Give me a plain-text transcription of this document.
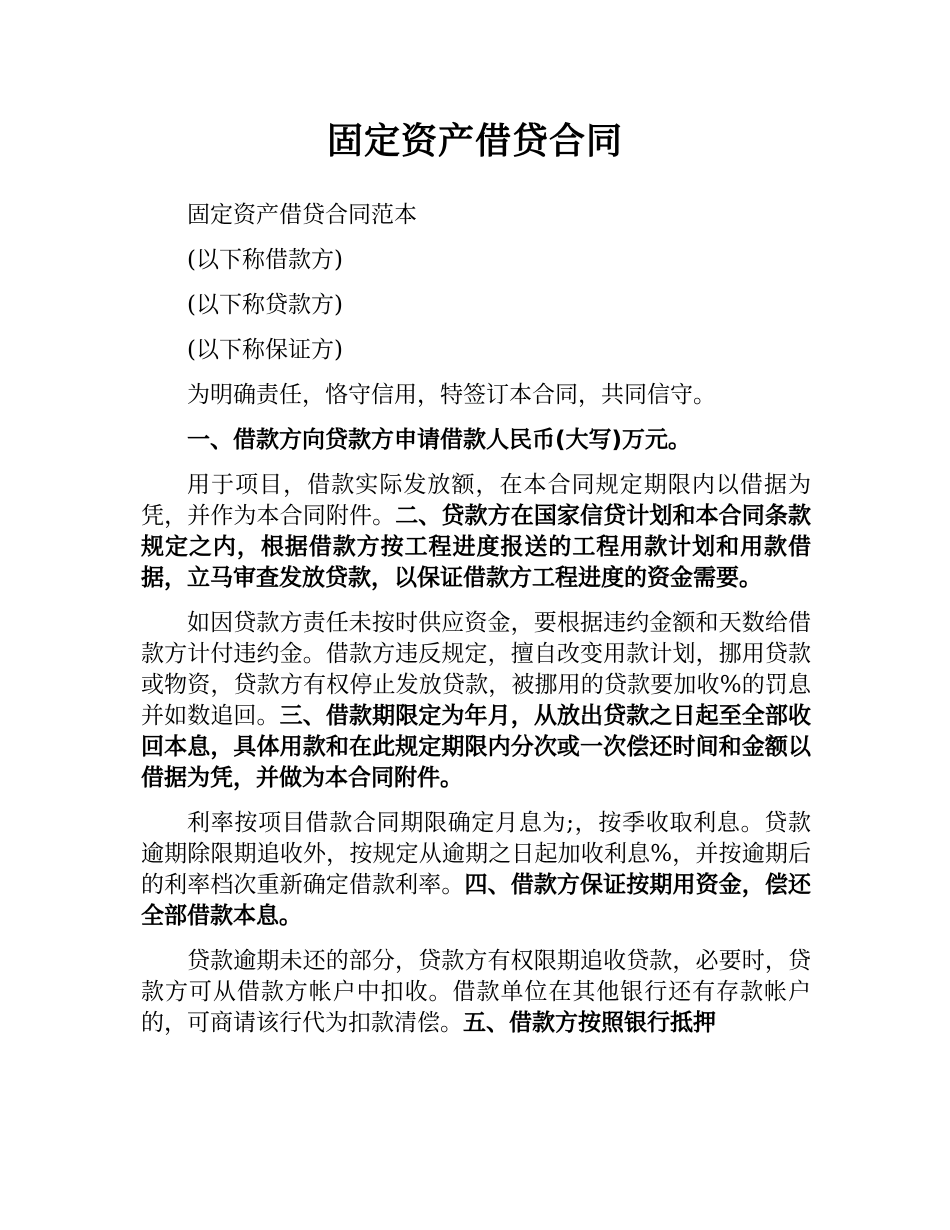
固定资产借贷合同

固定资产借贷合同范本

(以下称借款方)

(以下称贷款方)

(以下称保证方)

为明确责任，恪守信用，特签订本合同，共同信守。

一、借款方向贷款方申请借款人民币(大写)万元。

用于项目，借款实际发放额，在本合同规定期限内以借据为凭，并作为本合同附件。二、贷款方在国家信贷计划和本合同条款规定之内，根据借款方按工程进度报送的工程用款计划和用款借据，立马审查发放贷款，以保证借款方工程进度的资金需要。

如因贷款方责任未按时供应资金，要根据违约金额和天数给借款方计付违约金。借款方违反规定，擅自改变用款计划，挪用贷款或物资，贷款方有权停止发放贷款，被挪用的贷款要加收%的罚息并如数追回。三、借款期限定为年月，从放出贷款之日起至全部收回本息，具体用款和在此规定期限内分次或一次偿还时间和金额以借据为凭，并做为本合同附件。

利率按项目借款合同期限确定月息为;，按季收取利息。贷款逾期除限期追收外，按规定从逾期之日起加收利息%，并按逾期后的利率档次重新确定借款利率。四、借款方保证按期用资金，偿还全部借款本息。

贷款逾期未还的部分，贷款方有权限期追收贷款，必要时，贷款方可从借款方帐户中扣收。借款单位在其他银行还有存款帐户的，可商请该行代为扣款清偿。五、借款方按照银行抵押
